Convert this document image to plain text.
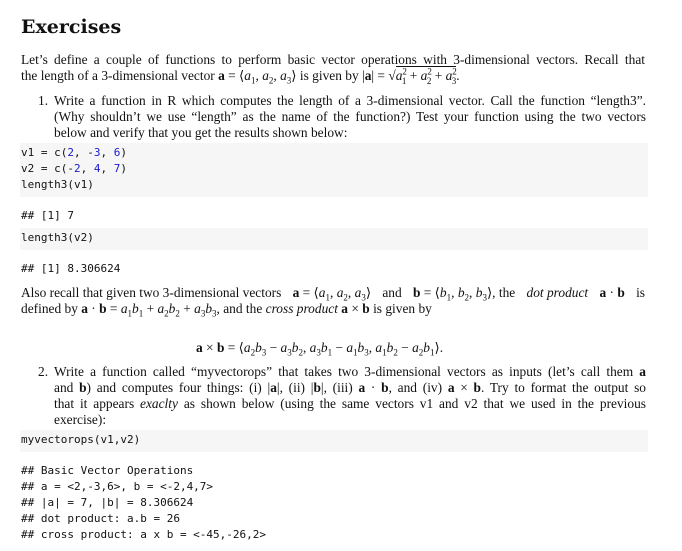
Exercises
Let’s define a couple of functions to perform basic vector operations with 3-dimensional vectors. Recall that
the length of a 3-dimensional vector $a = ⟨a_1$, $a_2$, $a_3⟩$ is given by $|a| = √a^2_1 + a^2_2 + a^2_3$.
1. Write a function in R which computes the length of a 3-dimensional vector. Call the function “length3”.
(Why shouldn’t we use “length” as the name of the function?) Test your function using the two vectors
below and verify that you get the results shown below:
v1 = c(2, -3, 6)
v2 = c(-2, 4, 7)
length3(v1)
## [1] 7
length3(v2)
## [1] 8.306624
Also recall that given two 3-dimensional vectors $a = ⟨a_1$, $a_2$, $a_3⟩$ and $b = ⟨b_1$, $b_2$, $b_3⟩$, the dot product a · b is
defined by $a \cdot b = a_1b_1 + a_2b_2 + a_3b_3$, and the cross product a × b is given by
$a \times b = ⟨a_2b_3 - a_3b_2$, $a_3b_1 - a_1b_3$, $a_1b_2$ − $a_2b_1⟩$.
2. Write a function called “myvectorops” that takes two 3-dimensional vectors as inputs (let’s call them a
and b) and computes four things: (i) |a|, (ii) |b|, (iii) a · b, and (iv) a × b. Try to format the output so
that it appears exaclty as shown below (using the same vectors v1 and v2 that we used in the previous
exercise):
myvectorops(v1,v2)
## Basic Vector Operations
## a = <2,-3,6>, b = <-2,4,7>
## |a| = 7, |b| = 8.306624
## dot product: a.b = 26
## cross product: a x b = <-45,-26,2>
